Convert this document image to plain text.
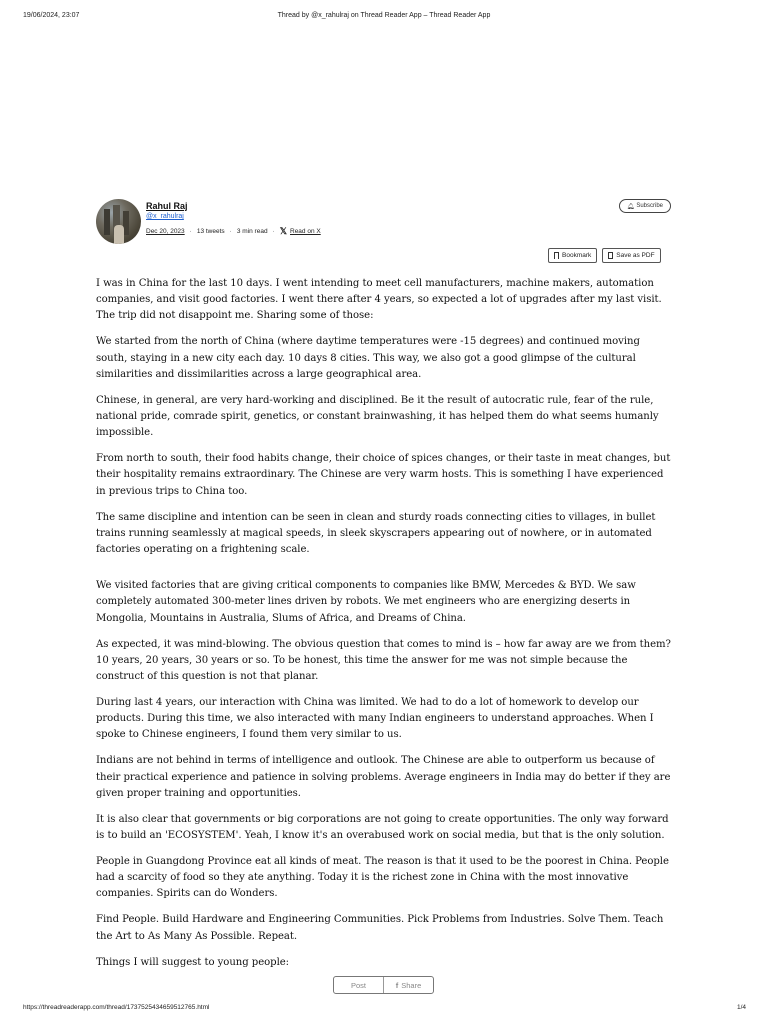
19/06/2024, 23:07	Thread by @x_rahulraj on Thread Reader App – Thread Reader App
Rahul Raj
@x_rahulraj
Dec 20, 2023 · 13 tweets · 3 min read · 𝕏 Read on X
🔔︎ Subscribe
Bookmark	Save as PDF

I was in China for the last 10 days. I went intending to meet cell manufacturers, machine makers, automation companies, and visit good factories. I went there after 4 years, so expected a lot of upgrades after my last visit. The trip did not disappoint me. Sharing some of those:

We started from the north of China (where daytime temperatures were -15 degrees) and continued moving south, staying in a new city each day. 10 days 8 cities. This way, we also got a good glimpse of the cultural similarities and dissimilarities across a large geographical area.

Chinese, in general, are very hard-working and disciplined. Be it the result of autocratic rule, fear of the rule, national pride, comrade spirit, genetics, or constant brainwashing, it has helped them do what seems humanly impossible.

From north to south, their food habits change, their choice of spices changes, or their taste in meat changes, but their hospitality remains extraordinary. The Chinese are very warm hosts. This is something I have experienced in previous trips to China too.

The same discipline and intention can be seen in clean and sturdy roads connecting cities to villages, in bullet trains running seamlessly at magical speeds, in sleek skyscrapers appearing out of nowhere, or in automated factories operating on a frightening scale.

We visited factories that are giving critical components to companies like BMW, Mercedes & BYD. We saw completely automated 300-meter lines driven by robots. We met engineers who are energizing deserts in Mongolia, Mountains in Australia, Slums of Africa, and Dreams of China.

As expected, it was mind-blowing. The obvious question that comes to mind is – how far away are we from them? 10 years, 20 years, 30 years or so. To be honest, this time the answer for me was not simple because the construct of this question is not that planar.

During last 4 years, our interaction with China was limited. We had to do a lot of homework to develop our products. During this time, we also interacted with many Indian engineers to understand approaches. When I spoke to Chinese engineers, I found them very similar to us.

Indians are not behind in terms of intelligence and outlook. The Chinese are able to outperform us because of their practical experience and patience in solving problems. Average engineers in India may do better if they are given proper training and opportunities.

It is also clear that governments or big corporations are not going to create opportunities. The only way forward is to build an 'ECOSYSTEM'. Yeah, I know it's an overabused work on social media, but that is the only solution.

People in Guangdong Province eat all kinds of meat. The reason is that it used to be the poorest in China. People had a scarcity of food so they ate anything. Today it is the richest zone in China with the most innovative companies. Spirits can do Wonders.

Find People. Build Hardware and Engineering Communities. Pick Problems from Industries. Solve Them. Teach the Art to As Many As Possible. Repeat.

Things I will suggest to young people:

Post	f Share
https://threadreaderapp.com/thread/1737525434659512765.html	1/4
